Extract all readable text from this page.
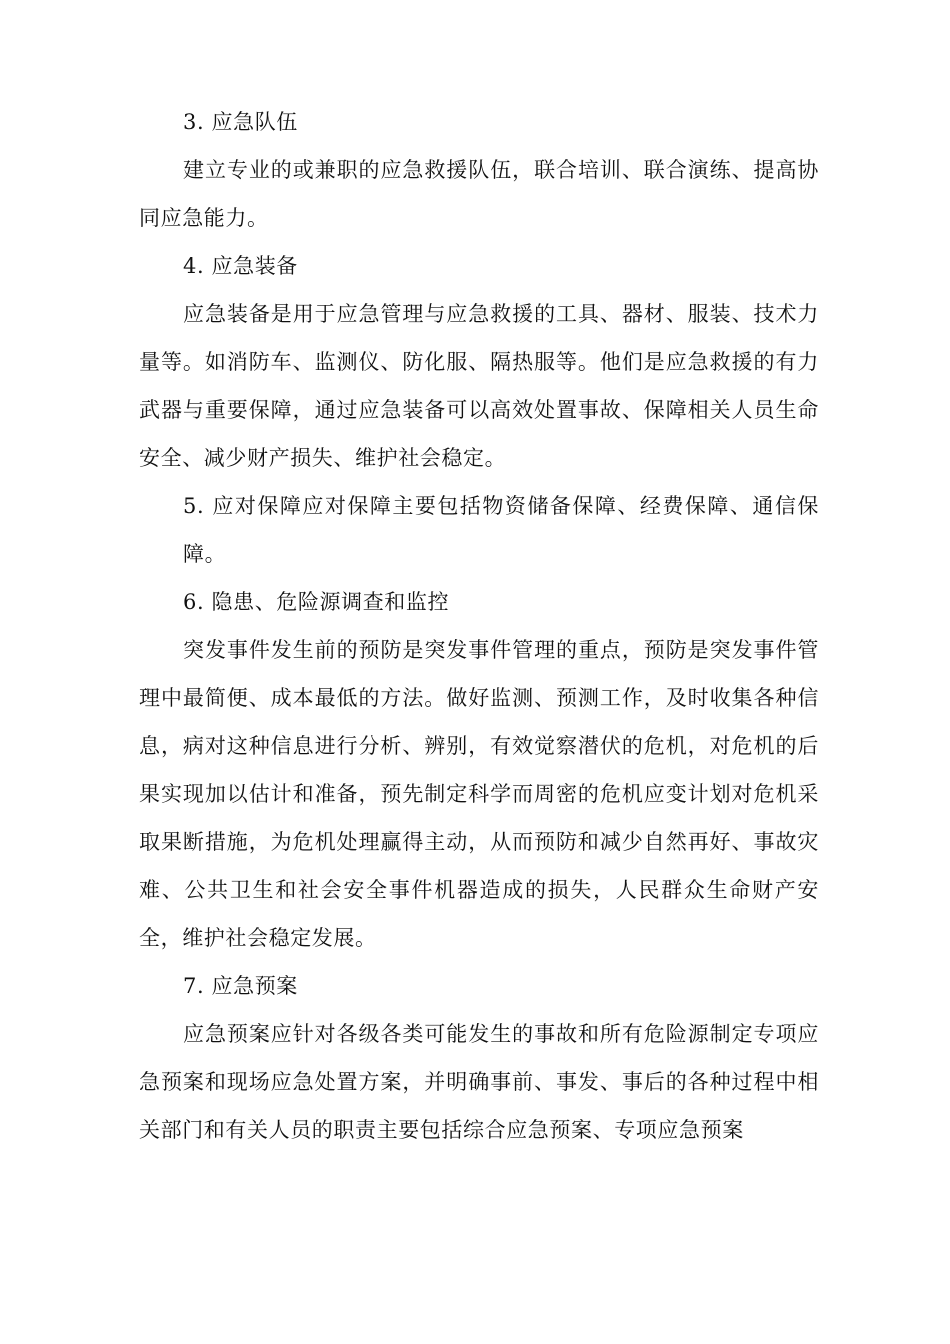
3. 应急队伍

建立专业的或兼职的应急救援队伍，联合培训、联合演练、提高协同应急能力。

4. 应急装备

应急装备是用于应急管理与应急救援的工具、器材、服装、技术力量等。如消防车、监测仪、防化服、隔热服等。他们是应急救援的有力武器与重要保障，通过应急装备可以高效处置事故、保障相关人员生命安全、减少财产损失、维护社会稳定。

5. 应对保障应对保障主要包括物资储备保障、经费保障、通信保障。

6. 隐患、危险源调查和监控

突发事件发生前的预防是突发事件管理的重点，预防是突发事件管理中最简便、成本最低的方法。做好监测、预测工作，及时收集各种信息，病对这种信息进行分析、辨别，有效觉察潜伏的危机，对危机的后果实现加以估计和准备，预先制定科学而周密的危机应变计划对危机采取果断措施，为危机处理赢得主动，从而预防和减少自然再好、事故灾难、公共卫生和社会安全事件机器造成的损失，人民群众生命财产安全，维护社会稳定发展。

7. 应急预案

应急预案应针对各级各类可能发生的事故和所有危险源制定专项应急预案和现场应急处置方案，并明确事前、事发、事后的各种过程中相关部门和有关人员的职责主要包括综合应急预案、专项应急预案
